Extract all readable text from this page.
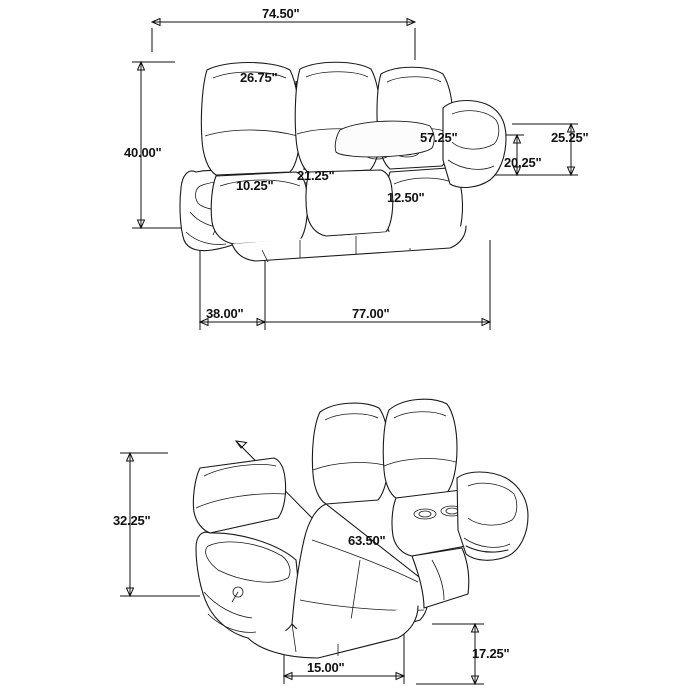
74.50"
26.75"
40.00"
10.25"
21.25"
12.50"
57.25"
20.25"
25.25"
38.00"	77.00"
32.25"
63.50"
15.00"
17.25"
